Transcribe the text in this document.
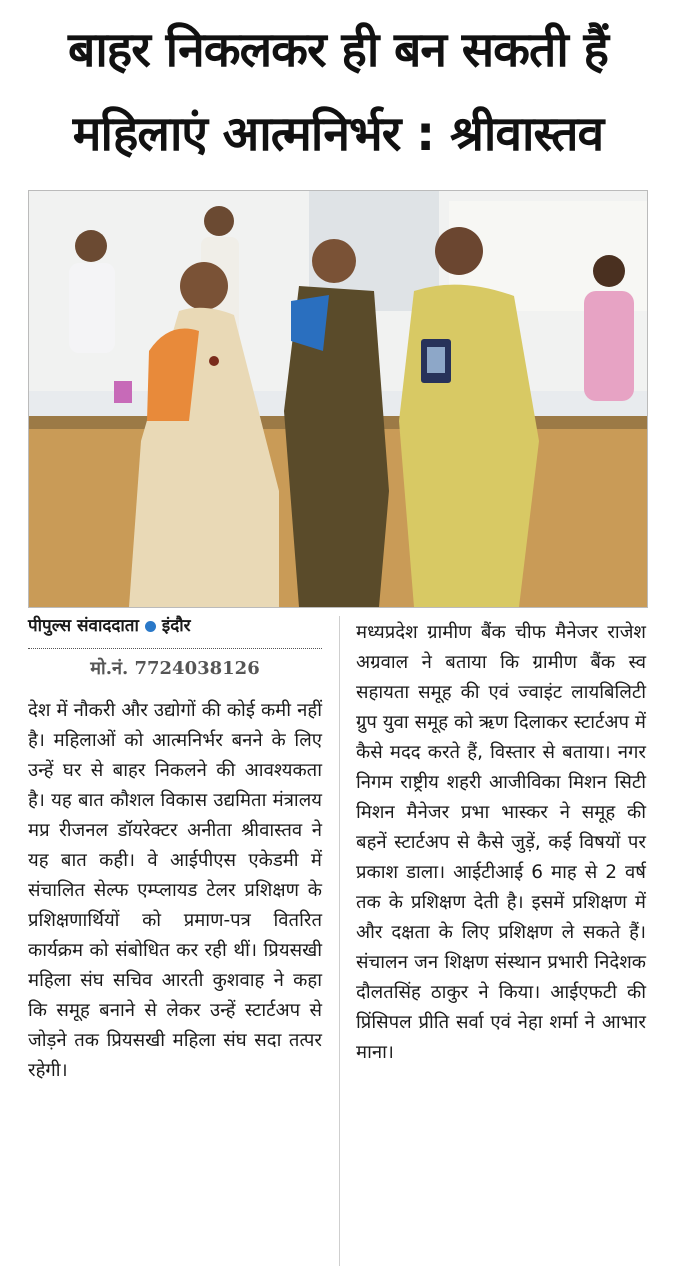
बाहर निकलकर ही बन सकती हैं
महिलाएं आत्मनिर्भर : श्रीवास्तव
पीपुल्स संवाददाता इंदौर
मो.नं. 7724038126
देश में नौकरी और उद्योगों की कोई कमी नहीं है। महिलाओं को आत्मनिर्भर बनने के लिए उन्हें घर से बाहर निकलने की आवश्यकता है। यह बात कौशल विकास उद्यमिता मंत्रालय मप्र रीजनल डॉयरेक्टर अनीता श्रीवास्तव ने यह बात कही। वे आईपीएस एकेडमी में संचालित सेल्फ एम्प्लायड टेलर प्रशिक्षण के प्रशिक्षणार्थियों को प्रमाण-पत्र वितरित कार्यक्रम को संबोधित कर रही थीं। प्रियसखी महिला संघ सचिव आरती कुशवाह ने कहा कि समूह बनाने से लेकर उन्हें स्टार्टअप से जोड़ने तक प्रियसखी महिला संघ सदा तत्पर रहेगी।
मध्यप्रदेश ग्रामीण बैंक चीफ मैनेजर राजेश अग्रवाल ने बताया कि ग्रामीण बैंक स्व सहायता समूह की एवं ज्वाइंट लायबिलिटी ग्रुप युवा समूह को ऋण दिलाकर स्टार्टअप में कैसे मदद करते हैं, विस्तार से बताया। नगर निगम राष्ट्रीय शहरी आजीविका मिशन सिटी मिशन मैनेजर प्रभा भास्कर ने समूह की बहनें स्टार्टअप से कैसे जुड़ें, कई विषयों पर प्रकाश डाला। आईटीआई 6 माह से 2 वर्ष तक के प्रशिक्षण देती है। इसमें प्रशिक्षण में और दक्षता के लिए प्रशिक्षण ले सकते हैं। संचालन जन शिक्षण संस्थान प्रभारी निदेशक दौलतसिंह ठाकुर ने किया। आईएफटी की प्रिंसिपल प्रीति सर्वा एवं नेहा शर्मा ने आभार माना।
